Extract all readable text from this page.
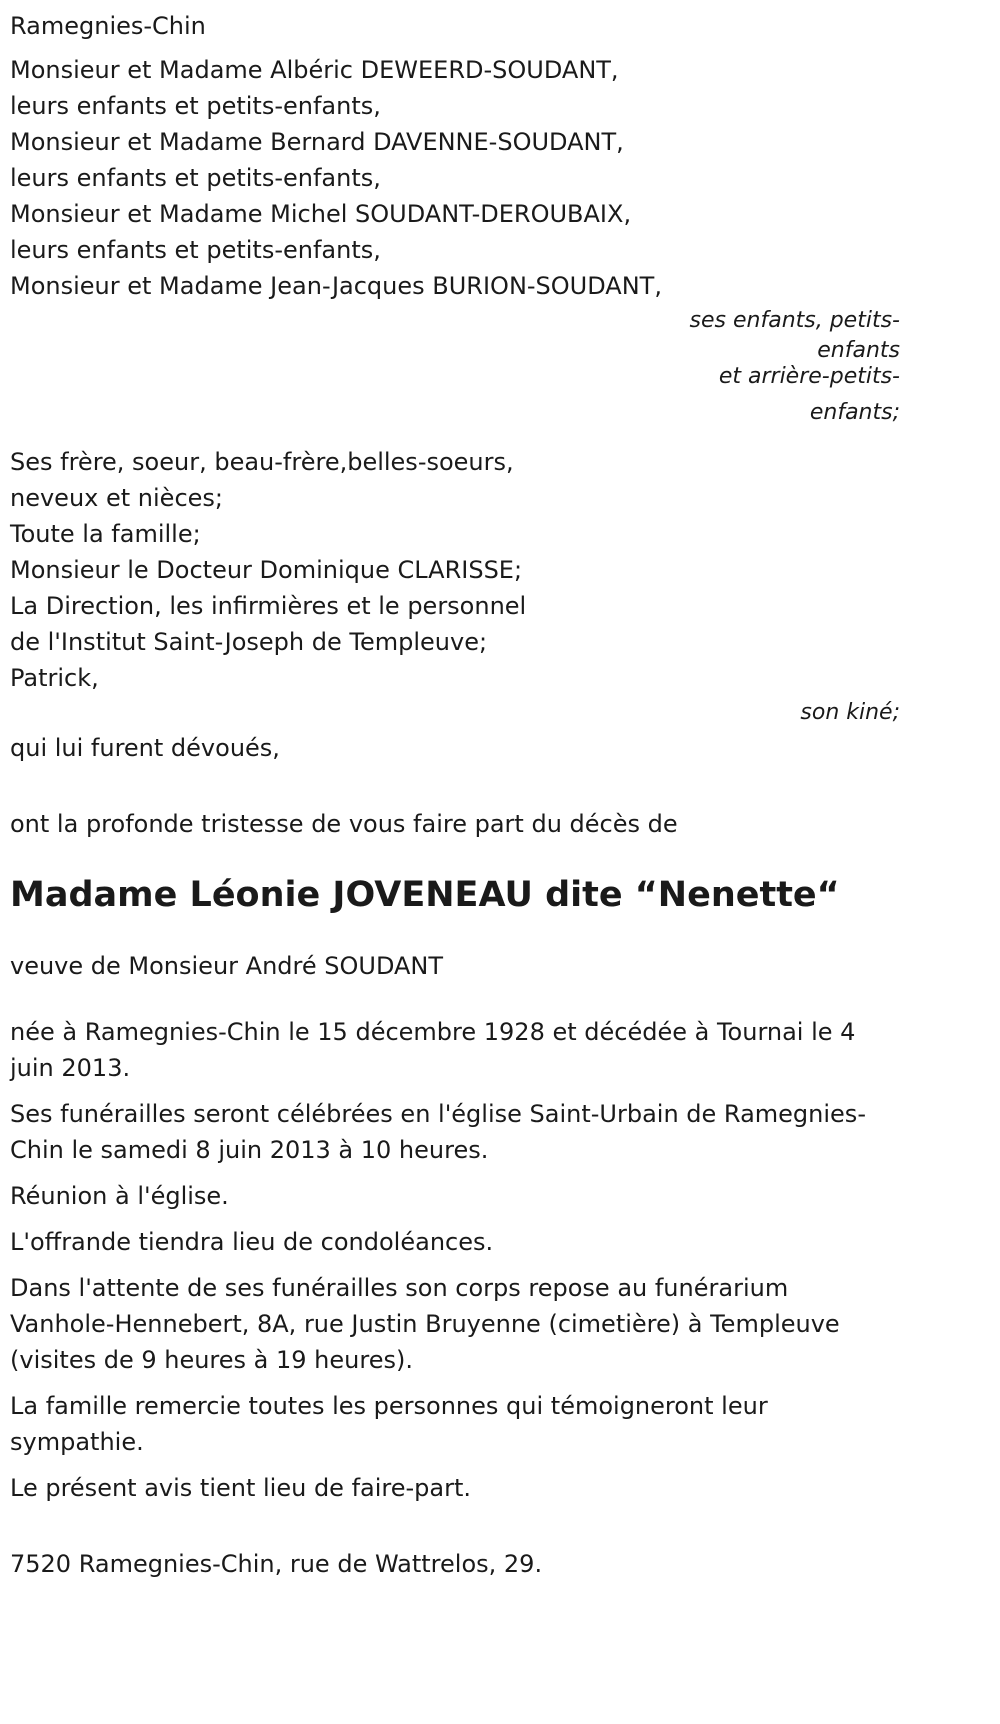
Ramegnies-Chin
Monsieur et Madame Albéric DEWEERD-SOUDANT,
leurs enfants et petits-enfants,
Monsieur et Madame Bernard DAVENNE-SOUDANT,
leurs enfants et petits-enfants,
Monsieur et Madame Michel SOUDANT-DEROUBAIX,
leurs enfants et petits-enfants,
Monsieur et Madame Jean-Jacques BURION-SOUDANT,
ses enfants, petits-
enfants
et arrière-petits-
enfants;
Ses frère, soeur, beau-frère,belles-soeurs,
neveux et nièces;
Toute la famille;
Monsieur le Docteur Dominique CLARISSE;
La Direction, les infirmières et le personnel
de l'Institut Saint-Joseph de Templeuve;
Patrick,
son kiné;
qui lui furent dévoués,
ont la profonde tristesse de vous faire part du décès de
Madame Léonie JOVENEAU dite “Nenette“
veuve de Monsieur André SOUDANT
née à Ramegnies-Chin le 15 décembre 1928 et décédée à Tournai le 4 juin 2013.
Ses funérailles seront célébrées en l'église Saint-Urbain de Ramegnies-Chin le samedi 8 juin 2013 à 10 heures.
Réunion à l'église.
L'offrande tiendra lieu de condoléances.
Dans l'attente de ses funérailles son corps repose au funérarium Vanhole-Hennebert, 8A, rue Justin Bruyenne (cimetière) à Templeuve (visites de 9 heures à 19 heures).
La famille remercie toutes les personnes qui témoigneront leur sympathie.
Le présent avis tient lieu de faire-part.
7520 Ramegnies-Chin, rue de Wattrelos, 29.
